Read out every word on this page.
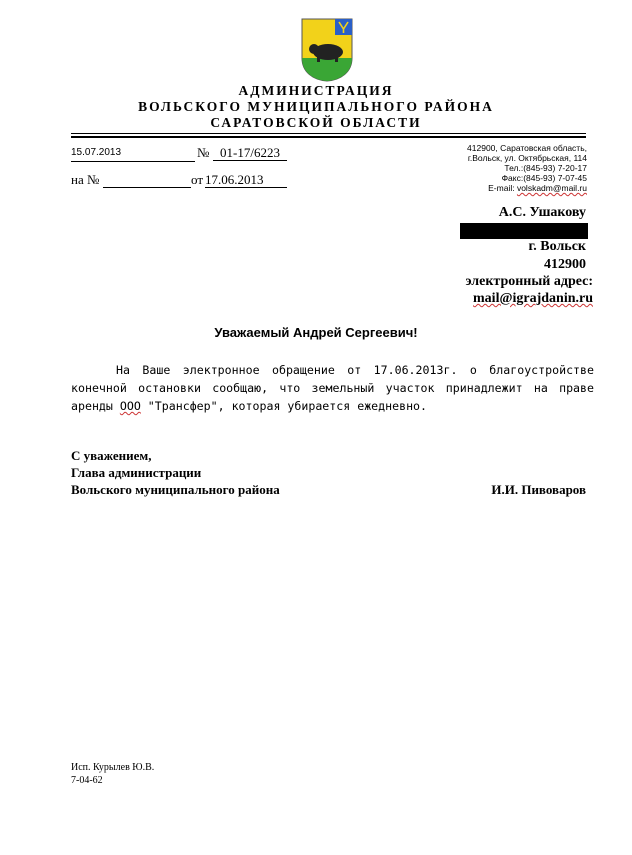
АДМИНИСТРАЦИЯ
ВОЛЬСКОГО МУНИЦИПАЛЬНОГО РАЙОНА
САРАТОВСКОЙ ОБЛАСТИ
15.07.2013	№ 01-17/6223
на №	от 17.06.2013
412900, Саратовская область,
г.Вольск, ул. Октябрьская, 114
Тел.:(845-93) 7-20-17
Факс:(845-93) 7-07-45
E-mail: volskadm@mail.ru
А.С. Ушакову
г. Вольск
412900
электронный адрес:
mail@igrajdanin.ru
Уважаемый Андрей Сергеевич!
На Ваше электронное обращение от 17.06.2013г. о благоустройстве конечной остановки сообщаю, что земельный участок принадлежит на праве аренды ООО "Трансфер", которая убирается ежедневно.
С уважением,
Глава администрации
Вольского муниципального района	И.И. Пивоваров
Исп. Курылев Ю.В.
7-04-62
